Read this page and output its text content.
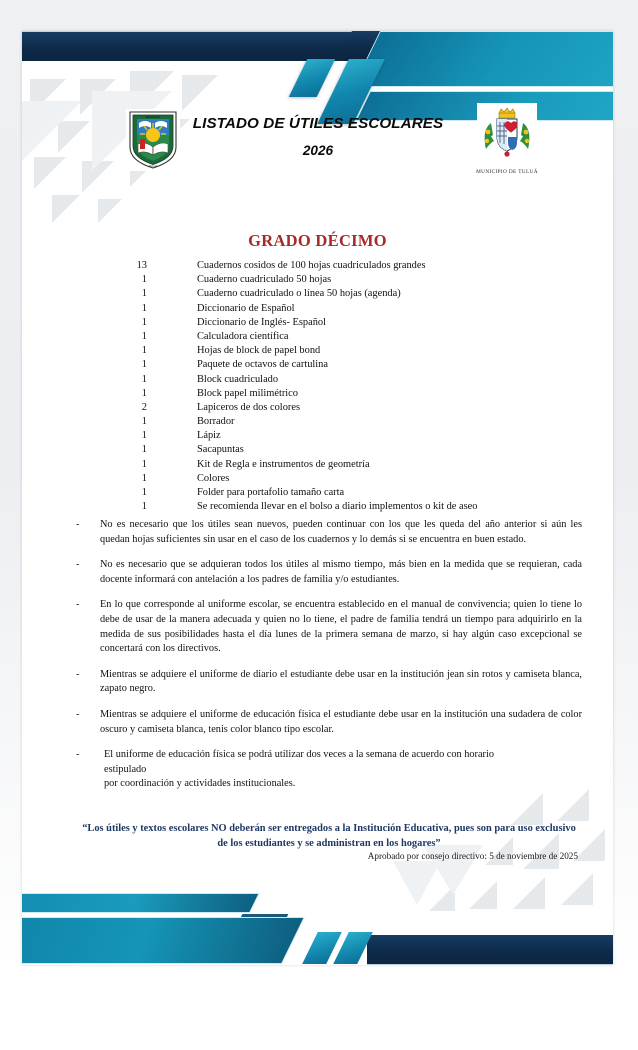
EDUCATIVA
TULUÁ
LISTADO DE ÚTILES ESCOLARES
2026
MUNICIPIO DE TULUÁ
GRADO DÉCIMO
13	Cuadernos cosidos de 100 hojas cuadriculados grandes
1	Cuaderno cuadriculado 50 hojas
1	Cuaderno cuadriculado o línea 50 hojas (agenda)
1	Diccionario de Español
1	Diccionario de Inglés- Español
1	Calculadora científica
1	Hojas de block de papel bond
1	Paquete de octavos de cartulina
1	Block cuadriculado
1	Block papel milimétrico
2	Lapiceros de dos colores
1	Borrador
1	Lápiz
1	Sacapuntas
1	Kit de Regla e instrumentos de geometría
1	Colores
1	Folder para portafolio tamaño carta
1	Se recomienda llevar en el bolso a diario implementos o kit de aseo
-	No es necesario que los útiles sean nuevos, pueden continuar con los que les queda del año anterior si aún les quedan hojas suficientes sin usar en el caso de los cuadernos y lo demás si se encuentra en buen estado.
-	No es necesario que se adquieran todos los útiles al mismo tiempo, más bien en la medida que se requieran, cada docente informará con antelación a los padres de familia y/o estudiantes.
-	En lo que corresponde al uniforme escolar, se encuentra establecido en el manual de convivencia; quien lo tiene lo debe de usar de la manera adecuada y quien no lo tiene, el padre de familia tendrá un tiempo para adquirirlo en la medida de sus posibilidades hasta el día lunes de la primera semana de marzo, si hay algún caso excepcional se concertará con los directivos.
-	Mientras se adquiere el uniforme de diario el estudiante debe usar en la institución jean sin rotos y camiseta blanca, zapato negro.
-	Mientras se adquiere el uniforme de educación física el estudiante debe usar en la institución una sudadera de color oscuro y camiseta blanca, tenis color blanco tipo escolar.
-	El uniforme de educación física se podrá utilizar dos veces a la semana de acuerdo con horario
estipulado
por coordinación y actividades institucionales.
“Los útiles y textos escolares NO deberán ser entregados a la Institución Educativa, pues son para uso exclusivo de los estudiantes y se administran en los hogares”
Aprobado por consejo directivo: 5 de noviembre de 2025
